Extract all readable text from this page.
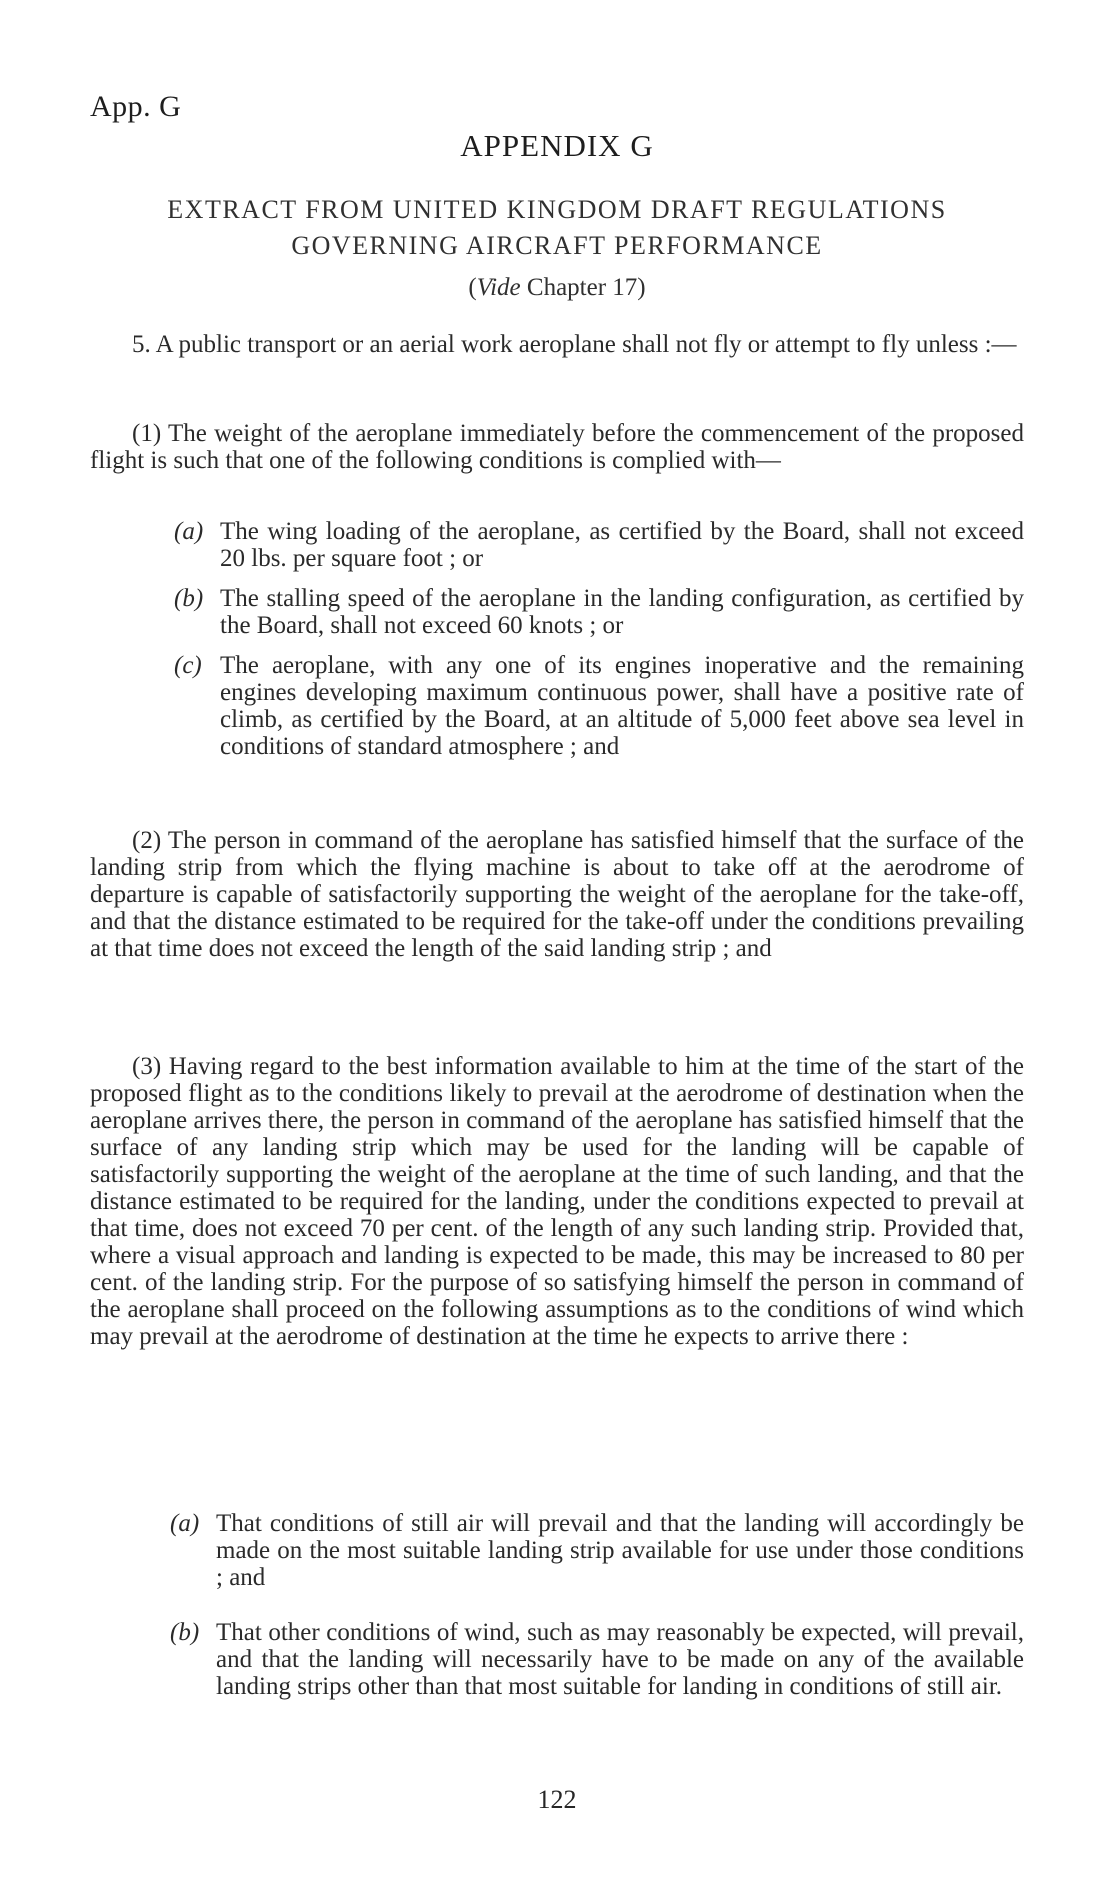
App. G
APPENDIX G
EXTRACT FROM UNITED KINGDOM DRAFT REGULATIONS GOVERNING AIRCRAFT PERFORMANCE
(Vide Chapter 17)
5. A public transport or an aerial work aeroplane shall not fly or attempt to fly unless :—
(1) The weight of the aeroplane immediately before the commencement of the proposed flight is such that one of the following conditions is complied with—
(a) The wing loading of the aeroplane, as certified by the Board, shall not exceed 20 lbs. per square foot ; or
(b) The stalling speed of the aeroplane in the landing configuration, as certified by the Board, shall not exceed 60 knots ; or
(c) The aeroplane, with any one of its engines inoperative and the remaining engines developing maximum continuous power, shall have a positive rate of climb, as certified by the Board, at an altitude of 5,000 feet above sea level in conditions of standard atmosphere ; and
(2) The person in command of the aeroplane has satisfied himself that the surface of the landing strip from which the flying machine is about to take off at the aerodrome of departure is capable of satisfactorily supporting the weight of the aeroplane for the take-off, and that the distance estimated to be required for the take-off under the conditions prevailing at that time does not exceed the length of the said landing strip ; and
(3) Having regard to the best information available to him at the time of the start of the proposed flight as to the conditions likely to prevail at the aerodrome of destination when the aeroplane arrives there, the person in command of the aeroplane has satisfied himself that the surface of any landing strip which may be used for the landing will be capable of satisfactorily supporting the weight of the aeroplane at the time of such landing, and that the distance estimated to be required for the landing, under the conditions expected to prevail at that time, does not exceed 70 per cent. of the length of any such landing strip. Provided that, where a visual approach and landing is expected to be made, this may be increased to 80 per cent. of the landing strip. For the purpose of so satisfying himself the person in command of the aeroplane shall proceed on the following assumptions as to the conditions of wind which may prevail at the aerodrome of destination at the time he expects to arrive there :
(a) That conditions of still air will prevail and that the landing will accordingly be made on the most suitable landing strip available for use under those conditions ; and
(b) That other conditions of wind, such as may reasonably be expected, will prevail, and that the landing will necessarily have to be made on any of the available landing strips other than that most suitable for landing in conditions of still air.
122
